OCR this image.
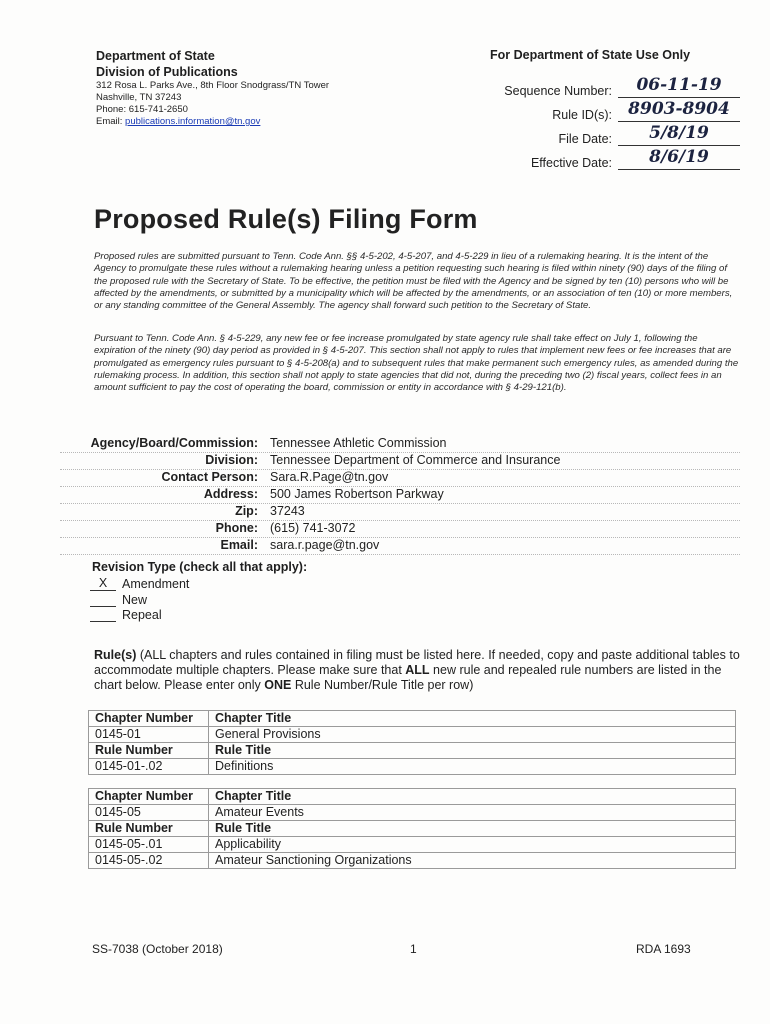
Department of State
Division of Publications
312 Rosa L. Parks Ave., 8th Floor Snodgrass/TN Tower
Nashville, TN 37243
Phone: 615-741-2650
Email: publications.information@tn.gov
For Department of State Use Only
Sequence Number:	06-11-19
Rule ID(s): 8903-8904
File Date:	5/8/19
Effective Date:	8/6/19
Proposed Rule(s) Filing Form
Proposed rules are submitted pursuant to Tenn. Code Ann. §§ 4-5-202, 4-5-207, and 4-5-229 in lieu of a rulemaking hearing. It is the intent of the Agency to promulgate these rules without a rulemaking hearing unless a petition requesting such hearing is filed within ninety (90) days of the filing of the proposed rule with the Secretary of State. To be effective, the petition must be filed with the Agency and be signed by ten (10) persons who will be affected by the amendments, or submitted by a municipality which will be affected by the amendments, or an association of ten (10) or more members, or any standing committee of the General Assembly. The agency shall forward such petition to the Secretary of State.
Pursuant to Tenn. Code Ann. § 4-5-229, any new fee or fee increase promulgated by state agency rule shall take effect on July 1, following the expiration of the ninety (90) day period as provided in § 4-5-207. This section shall not apply to rules that implement new fees or fee increases that are promulgated as emergency rules pursuant to § 4-5-208(a) and to subsequent rules that make permanent such emergency rules, as amended during the rulemaking process. In addition, this section shall not apply to state agencies that did not, during the preceding two (2) fiscal years, collect fees in an amount sufficient to pay the cost of operating the board, commission or entity in accordance with § 4-29-121(b).
Agency/Board/Commission: Tennessee Athletic Commission
Division: Tennessee Department of Commerce and Insurance
Contact Person: Sara.R.Page@tn.gov
Address: 500 James Robertson Parkway
Zip: 37243
Phone: (615) 741-3072
Email: sara.r.page@tn.gov
Revision Type (check all that apply):
X	Amendment
New
Repeal
Rule(s) (ALL chapters and rules contained in filing must be listed here. If needed, copy and paste additional tables to accommodate multiple chapters. Please make sure that ALL new rule and repealed rule numbers are listed in the chart below. Please enter only ONE Rule Number/Rule Title per row)
Chapter Number	Chapter Title
0145-01	General Provisions
Rule Number	Rule Title
0145-01-.02	Definitions
Chapter Number	Chapter Title
0145-05	Amateur Events
Rule Number	Rule Title
0145-05-.01	Applicability
0145-05-.02	Amateur Sanctioning Organizations
SS-7038 (October 2018)	1	RDA 1693
